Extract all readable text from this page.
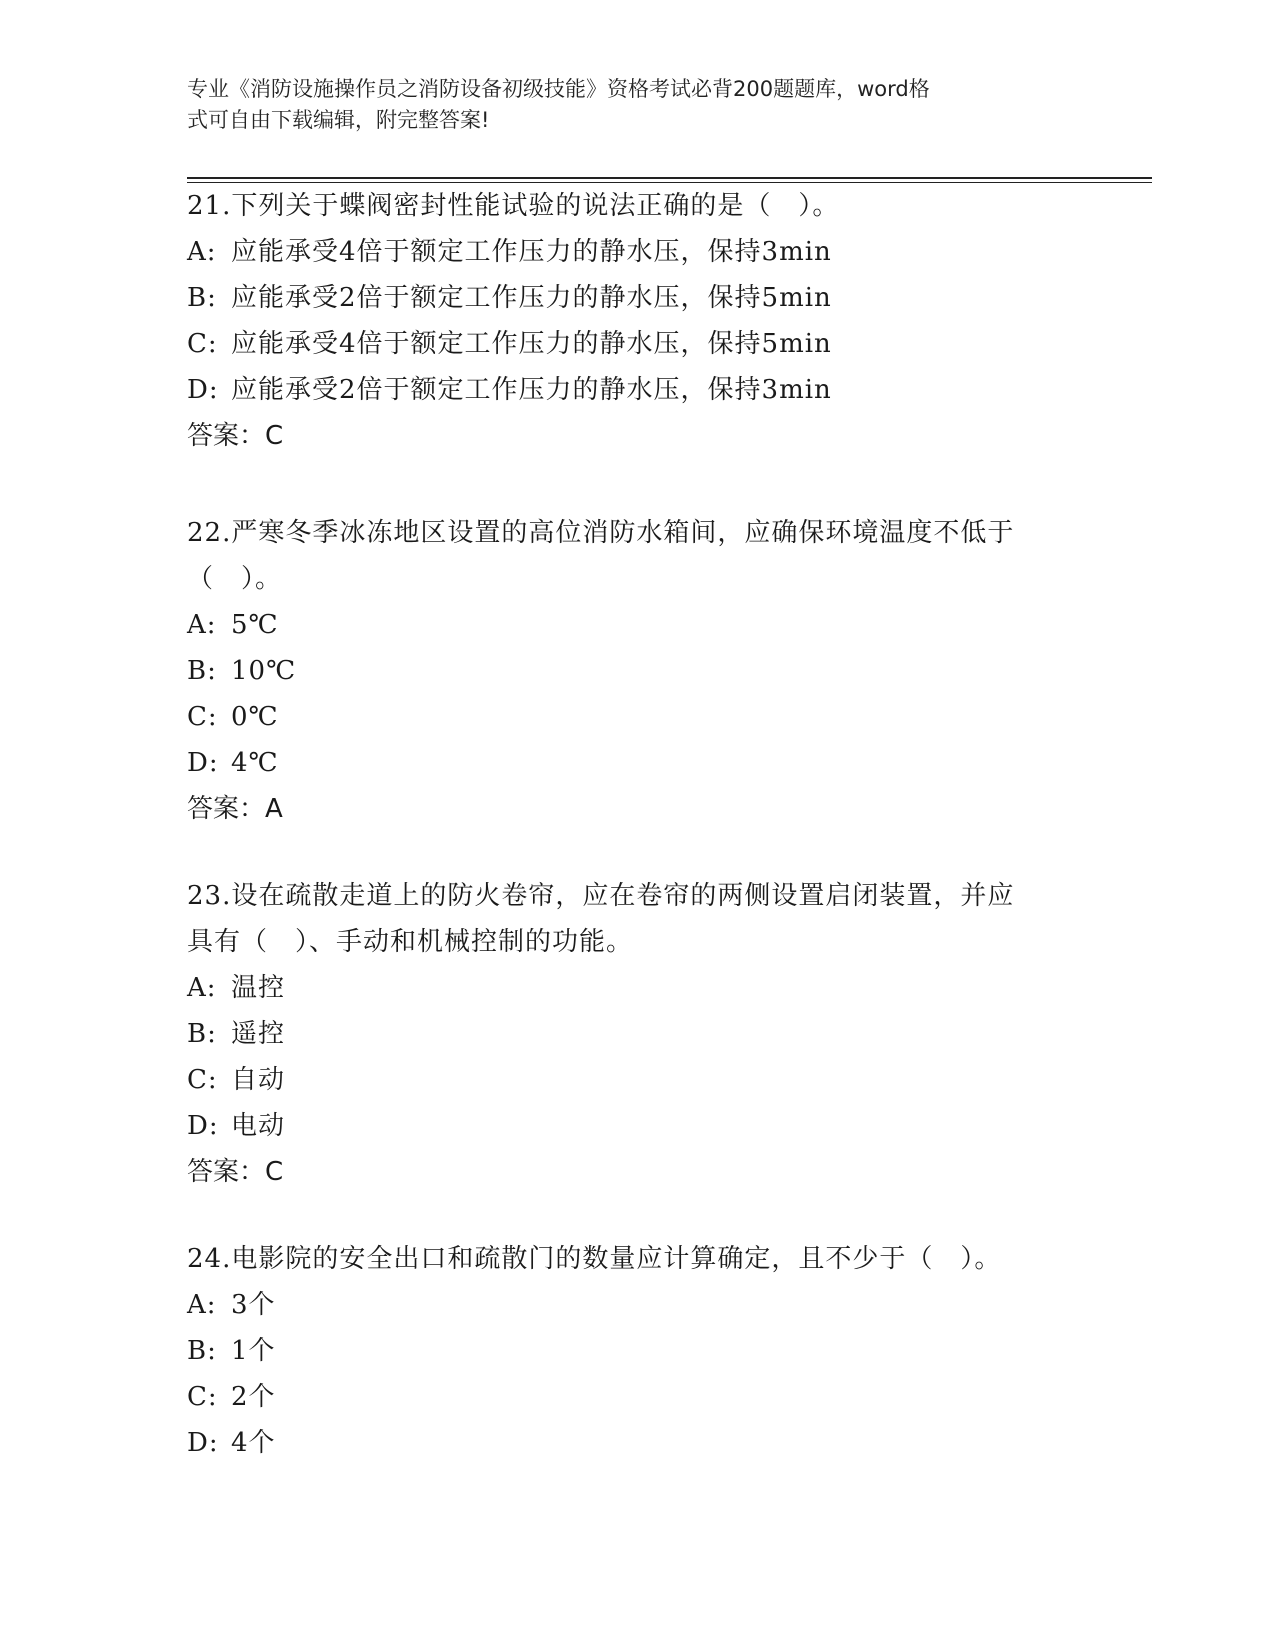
专业《消防设施操作员之消防设备初级技能》资格考试必背200题题库，word格
式可自由下载编辑，附完整答案!
21.下列关于蝶阀密封性能试验的说法正确的是（　）。
A: 应能承受4倍于额定工作压力的静水压，保持3min
B: 应能承受2倍于额定工作压力的静水压，保持5min
C: 应能承受4倍于额定工作压力的静水压，保持5min
D: 应能承受2倍于额定工作压力的静水压，保持3min
答案：C
22.严寒冬季冰冻地区设置的高位消防水箱间，应确保环境温度不低于
（　）。
A: 5℃
B: 10℃
C: 0℃
D: 4℃
答案：A
23.设在疏散走道上的防火卷帘，应在卷帘的两侧设置启闭装置，并应
具有（　）、手动和机械控制的功能。
A: 温控
B: 遥控
C: 自动
D: 电动
答案：C
24.电影院的安全出口和疏散门的数量应计算确定，且不少于（　）。
A: 3个
B: 1个
C: 2个
D: 4个
